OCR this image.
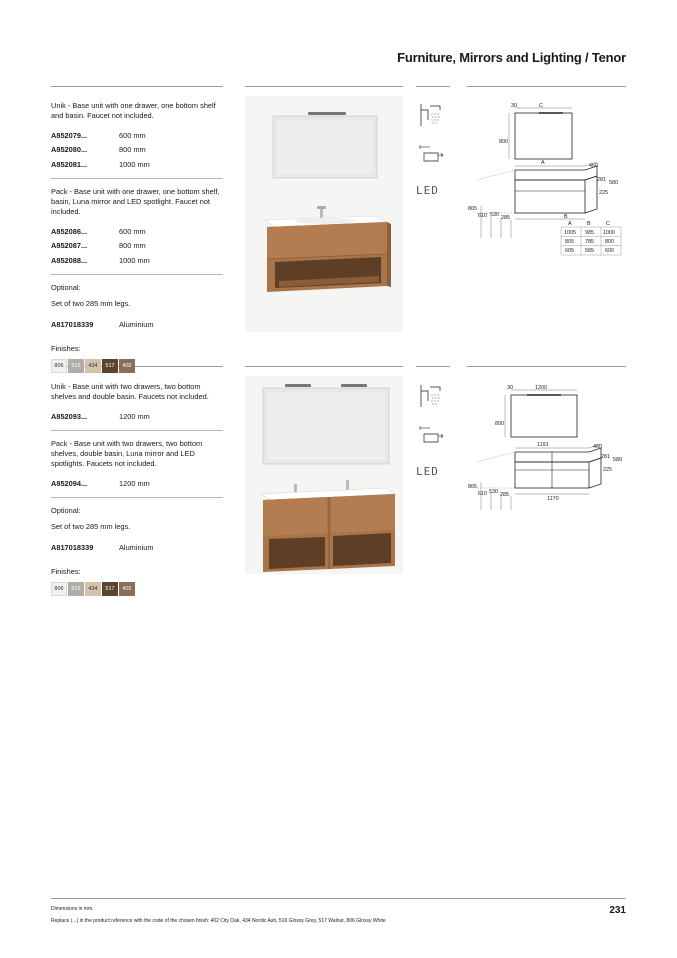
Furniture, Mirrors and Lighting / Tenor
Unik - Base unit with one drawer, one bottom shelf and basin. Faucet not included.
A852079...	600 mm
A852080...	800 mm
A852081...	1000 mm
Pack - Base unit with one drawer, one bottom shelf, basin, Luna mirror and LED spotlight. Faucet not included.
A852086...	600 mm
A852087...	800 mm
A852088...	1000 mm
Optional:
Set of two 285 mm legs.
A817018339	Aluminium
Finishes:
806	516	434	517	402

LED
30	C
800
A	460
281 580
225
865
610 530 285	B
A	B	C
1005 985 1000
805 785 800
605 585 600
Unik - Base unit with two drawers, two bottom shelves and double basin. Faucets not included.
A852093...	1200 mm
Pack - Base unit with two drawers, two bottom shelves, double basin, Luna mirror and LED spotlights. Faucets not included.
A852094...	1200 mm
Optional:
Set of two 285 mm legs.
A817018339	Aluminium
Finishes:
806	516	434	517	402

LED
30	1200
800
1191	460
281 580
225
865
610 530 285
1170
Dimensions in mm.
Replace (...) in the product reference with the code of the chosen finish: 402 City Oak, 434 Nordic Ash, 516 Glossy Grey, 517 Walnut, 806 Glossy White
231
